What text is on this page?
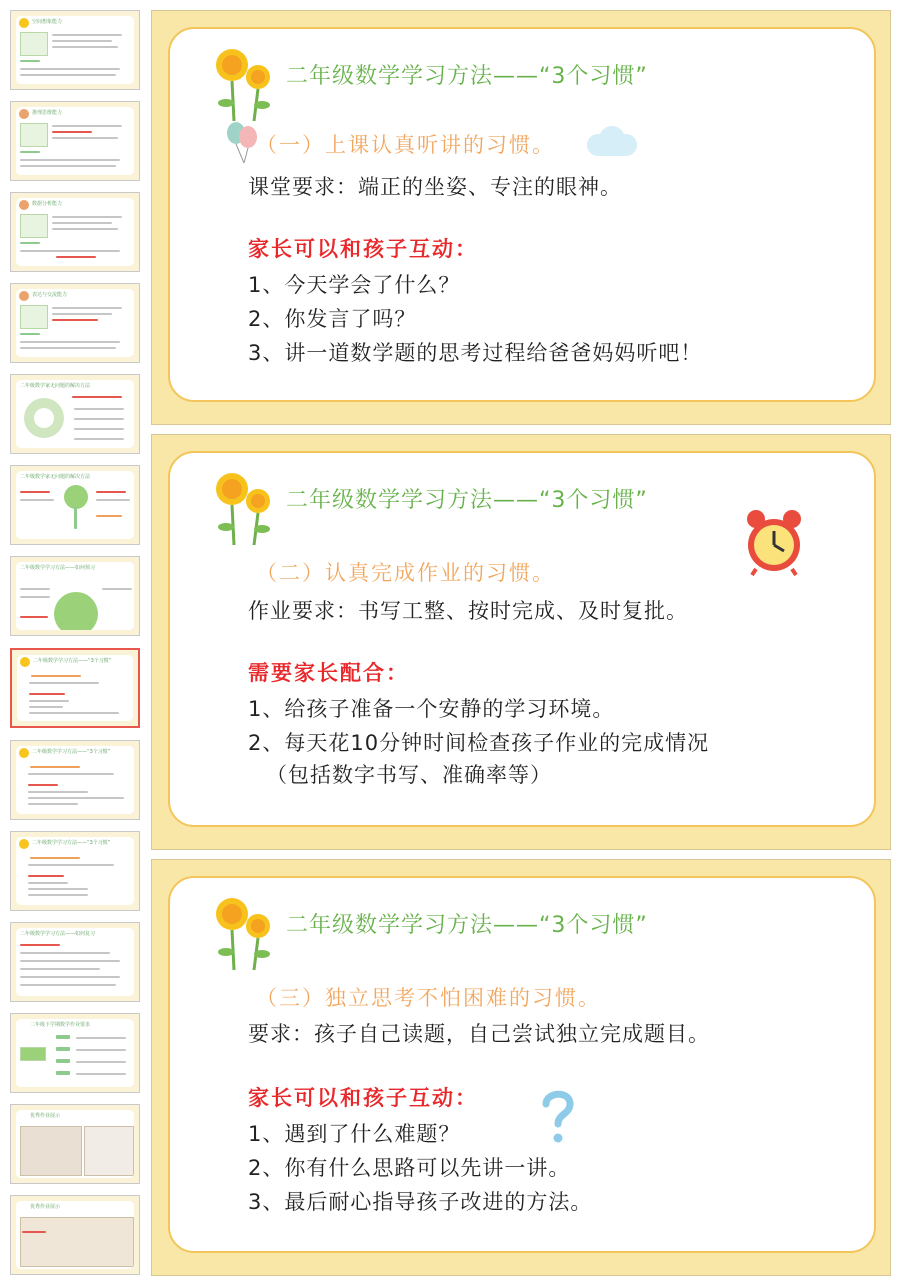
空间想象能力
推理思维能力
数据分析能力
表达与交流能力
二年级数学家无问题的解决方法
二年级数学家无问题的解决方法
二年级数学学习方法——如何预习
二年级数学学习方法——“3个习惯”
二年级数学学习方法——“3个习惯”
二年级数学学习方法——“3个习惯”
二年级数学学习方法——如何复习
二年级下学期数学作业要求
优秀作业展示
优秀作业展示
二年级数学学习方法——“3个习惯”
（一）上课认真听讲的习惯。
课堂要求：端正的坐姿、专注的眼神。
家长可以和孩子互动：
1、今天学会了什么？
2、你发言了吗？
3、讲一道数学题的思考过程给爸爸妈妈听吧！
二年级数学学习方法——“3个习惯”
（二）认真完成作业的习惯。
作业要求：书写工整、按时完成、及时复批。
需要家长配合：
1、给孩子准备一个安静的学习环境。
2、每天花10分钟时间检查孩子作业的完成情况
（包括数字书写、准确率等）
二年级数学学习方法——“3个习惯”
（三）独立思考不怕困难的习惯。
要求：孩子自己读题，自己尝试独立完成题目。
家长可以和孩子互动：
1、遇到了什么难题？
2、你有什么思路可以先讲一讲。
3、最后耐心指导孩子改进的方法。
